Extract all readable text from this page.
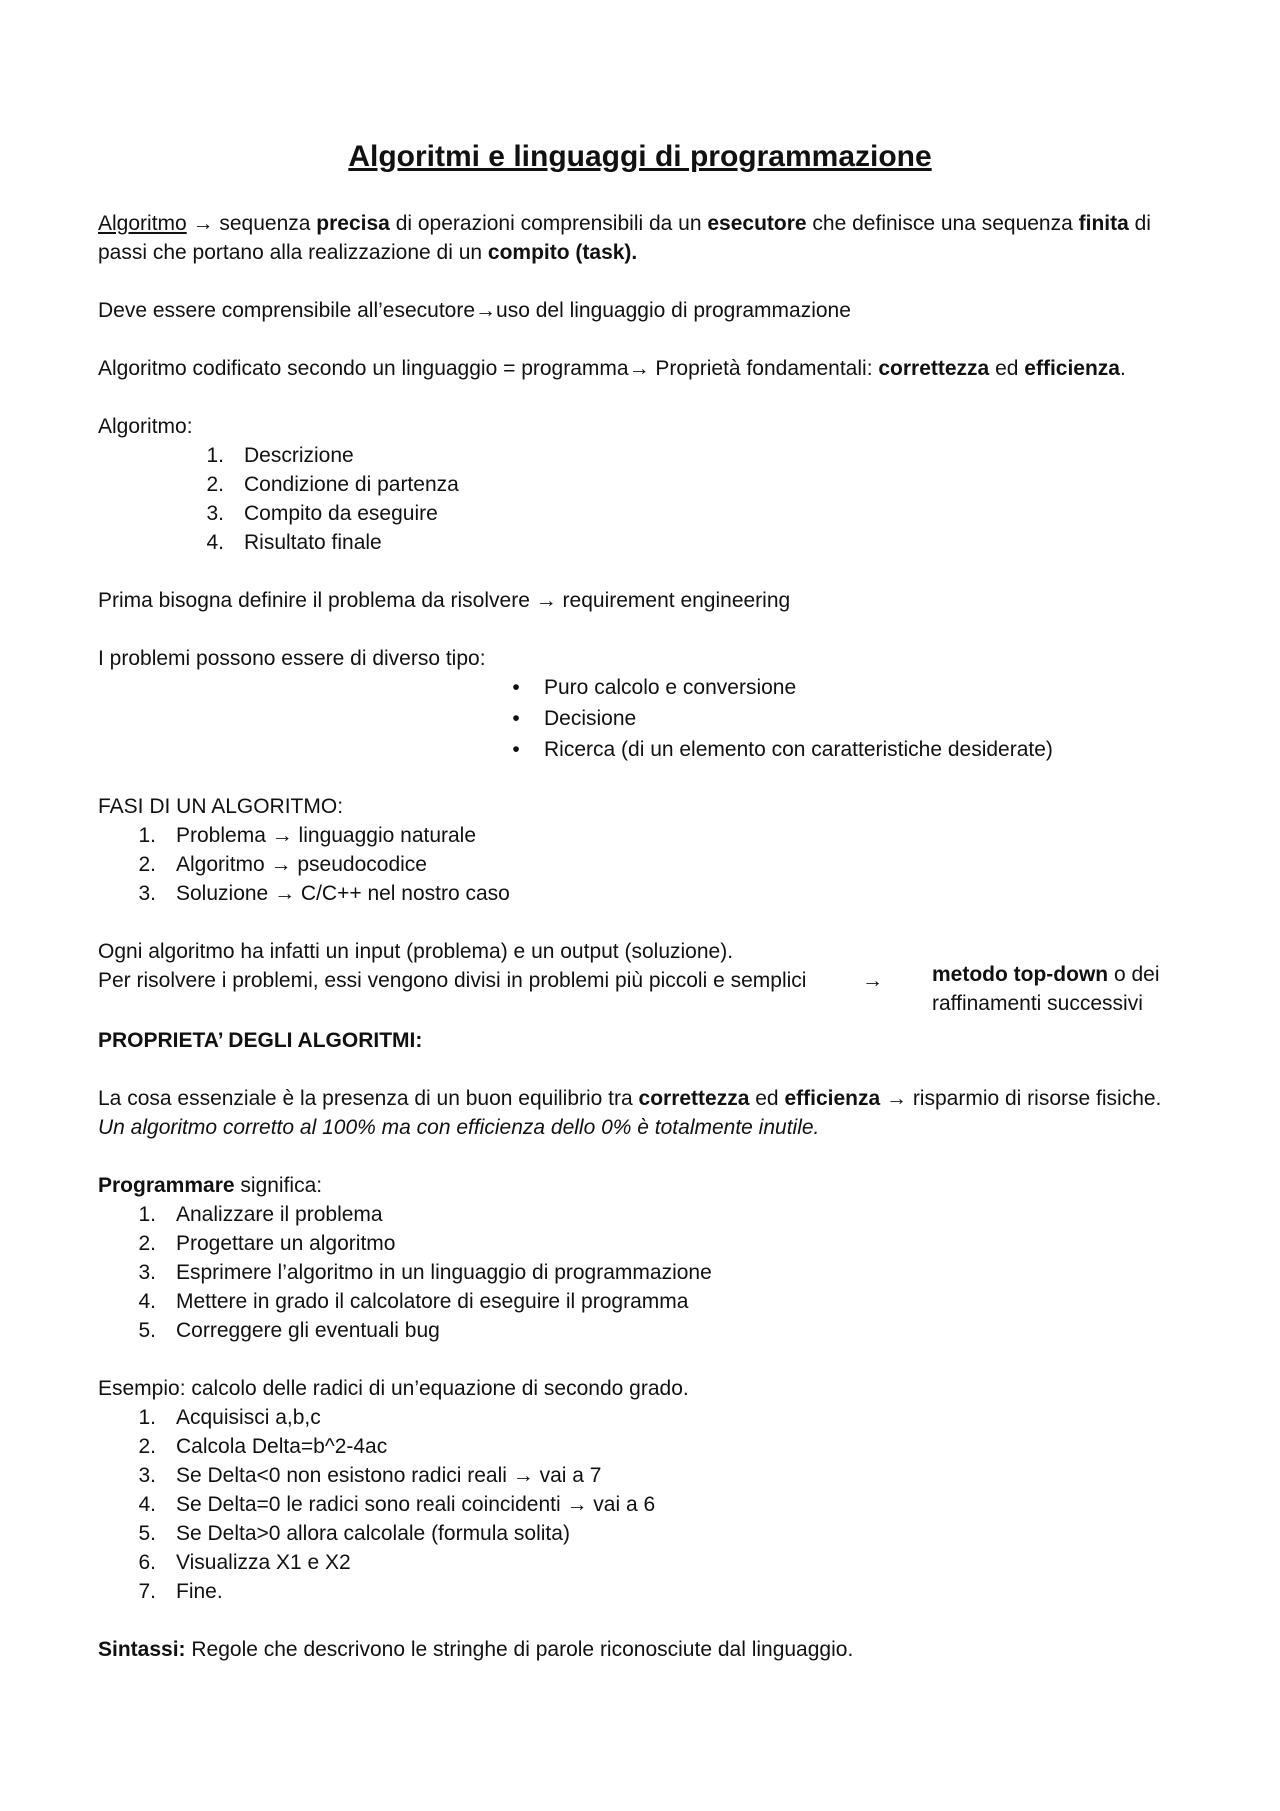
Algoritmi e linguaggi di programmazione
Algoritmo → sequenza precisa di operazioni comprensibili da un esecutore che definisce una sequenza finita di
passi che portano alla realizzazione di un compito (task).
Deve essere comprensibile all’esecutore→uso del linguaggio di programmazione
Algoritmo codificato secondo un linguaggio = programma→ Proprietà fondamentali: correttezza ed efficienza.
Algoritmo:
1. Descrizione
2. Condizione di partenza
3. Compito da eseguire
4. Risultato finale
Prima bisogna definire il problema da risolvere → requirement engineering
I problemi possono essere di diverso tipo:
• Puro calcolo e conversione
• Decisione
• Ricerca (di un elemento con caratteristiche desiderate)
FASI DI UN ALGORITMO:
1. Problema → linguaggio naturale
2. Algoritmo → pseudocodice
3. Soluzione → C/C++ nel nostro caso
Ogni algoritmo ha infatti un input (problema) e un output (soluzione).
Per risolvere i problemi, essi vengono divisi in problemi più piccoli e semplici	→ metodo top-down o dei
raffinamenti successivi
PROPRIETA’ DEGLI ALGORITMI:
La cosa essenziale è la presenza di un buon equilibrio tra correttezza ed efficienza → risparmio di risorse fisiche.
Un algoritmo corretto al 100% ma con efficienza dello 0% è totalmente inutile.
Programmare significa:
1. Analizzare il problema
2. Progettare un algoritmo
3. Esprimere l’algoritmo in un linguaggio di programmazione
4. Mettere in grado il calcolatore di eseguire il programma
5. Correggere gli eventuali bug
Esempio: calcolo delle radici di un’equazione di secondo grado.
1. Acquisisci a,b,c
2. Calcola Delta=b^2-4ac
3. Se Delta<0 non esistono radici reali → vai a 7
4. Se Delta=0 le radici sono reali coincidenti → vai a 6
5. Se Delta>0 allora calcolale (formula solita)
6. Visualizza X1 e X2
7. Fine.
Sintassi: Regole che descrivono le stringhe di parole riconosciute dal linguaggio.
